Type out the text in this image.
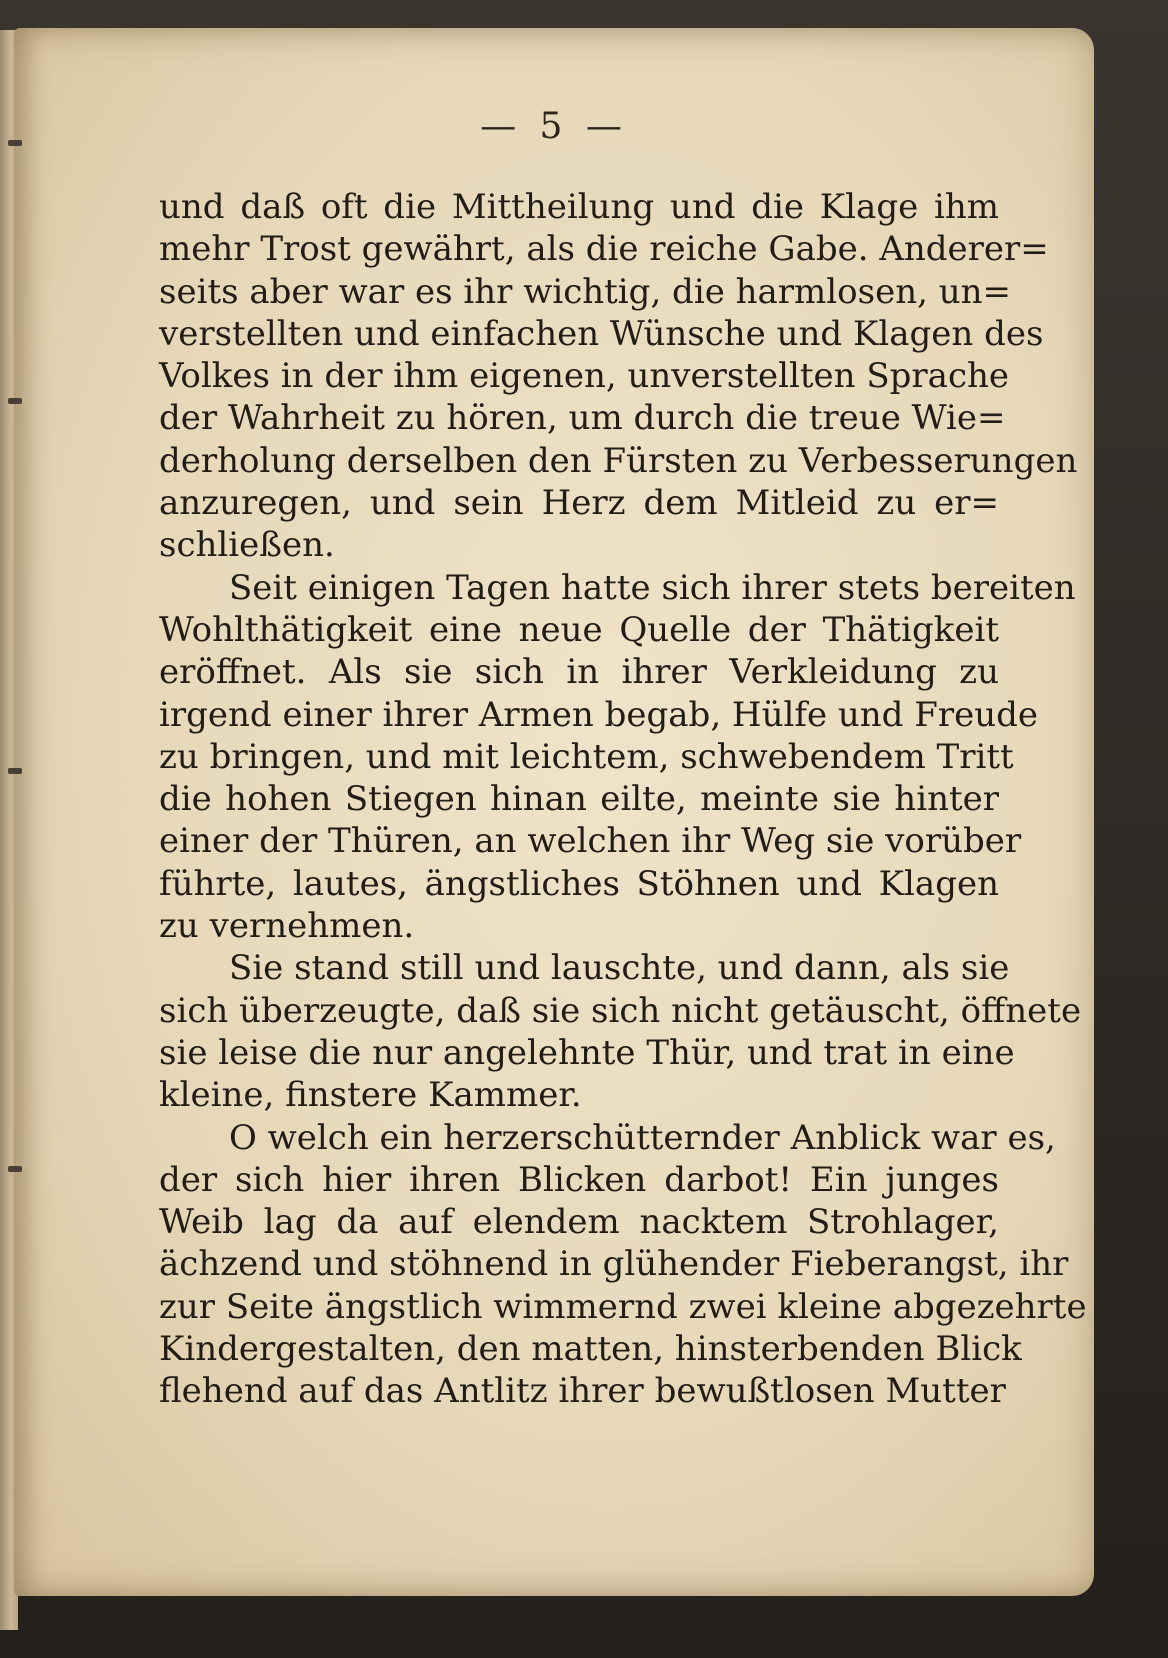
— 5 —
und daß oft die Mittheilung und die Klage ihm
mehr Trost gewährt, als die reiche Gabe. Anderer=
seits aber war es ihr wichtig, die harmlosen, un=
verstellten und einfachen Wünsche und Klagen des
Volkes in der ihm eigenen, unverstellten Sprache
der Wahrheit zu hören, um durch die treue Wie=
derholung derselben den Fürsten zu Verbesserungen
anzuregen, und sein Herz dem Mitleid zu er=
schließen.
Seit einigen Tagen hatte sich ihrer stets bereiten
Wohlthätigkeit eine neue Quelle der Thätigkeit
eröffnet. Als sie sich in ihrer Verkleidung zu
irgend einer ihrer Armen begab, Hülfe und Freude
zu bringen, und mit leichtem, schwebendem Tritt
die hohen Stiegen hinan eilte, meinte sie hinter
einer der Thüren, an welchen ihr Weg sie vorüber
führte, lautes, ängstliches Stöhnen und Klagen
zu vernehmen.
Sie stand still und lauschte, und dann, als sie
sich überzeugte, daß sie sich nicht getäuscht, öffnete
sie leise die nur angelehnte Thür, und trat in eine
kleine, finstere Kammer.
O welch ein herzerschütternder Anblick war es,
der sich hier ihren Blicken darbot! Ein junges
Weib lag da auf elendem nacktem Strohlager,
ächzend und stöhnend in glühender Fieberangst, ihr
zur Seite ängstlich wimmernd zwei kleine abgezehrte
Kindergestalten, den matten, hinsterbenden Blick
flehend auf das Antlitz ihrer bewußtlosen Mutter
